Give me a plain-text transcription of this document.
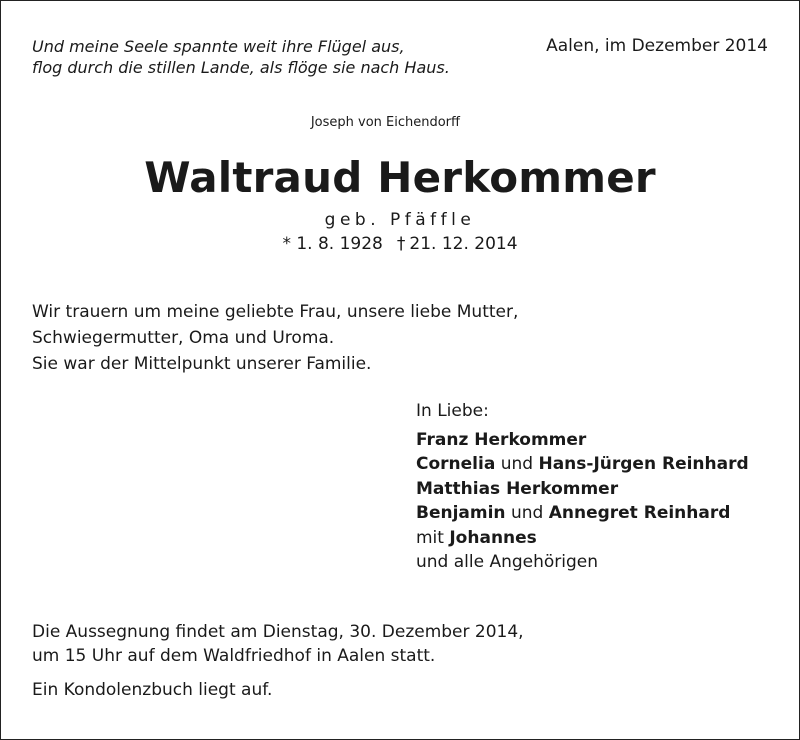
Und meine Seele spannte weit ihre Flügel aus,
flog durch die stillen Lande, als flöge sie nach Haus.
Joseph von Eichendorff
Aalen, im Dezember 2014
Waltraud Herkommer
geb. Pfäffle
* 1. 8. 1928 † 21. 12. 2014
Wir trauern um meine geliebte Frau, unsere liebe Mutter,
Schwiegermutter, Oma und Uroma.
Sie war der Mittelpunkt unserer Familie.
In Liebe:
Franz Herkommer
Cornelia und Hans-Jürgen Reinhard
Matthias Herkommer
Benjamin und Annegret Reinhard
mit Johannes
und alle Angehörigen
Die Aussegnung findet am Dienstag, 30. Dezember 2014,
um 15 Uhr auf dem Waldfriedhof in Aalen statt.
Ein Kondolenzbuch liegt auf.
